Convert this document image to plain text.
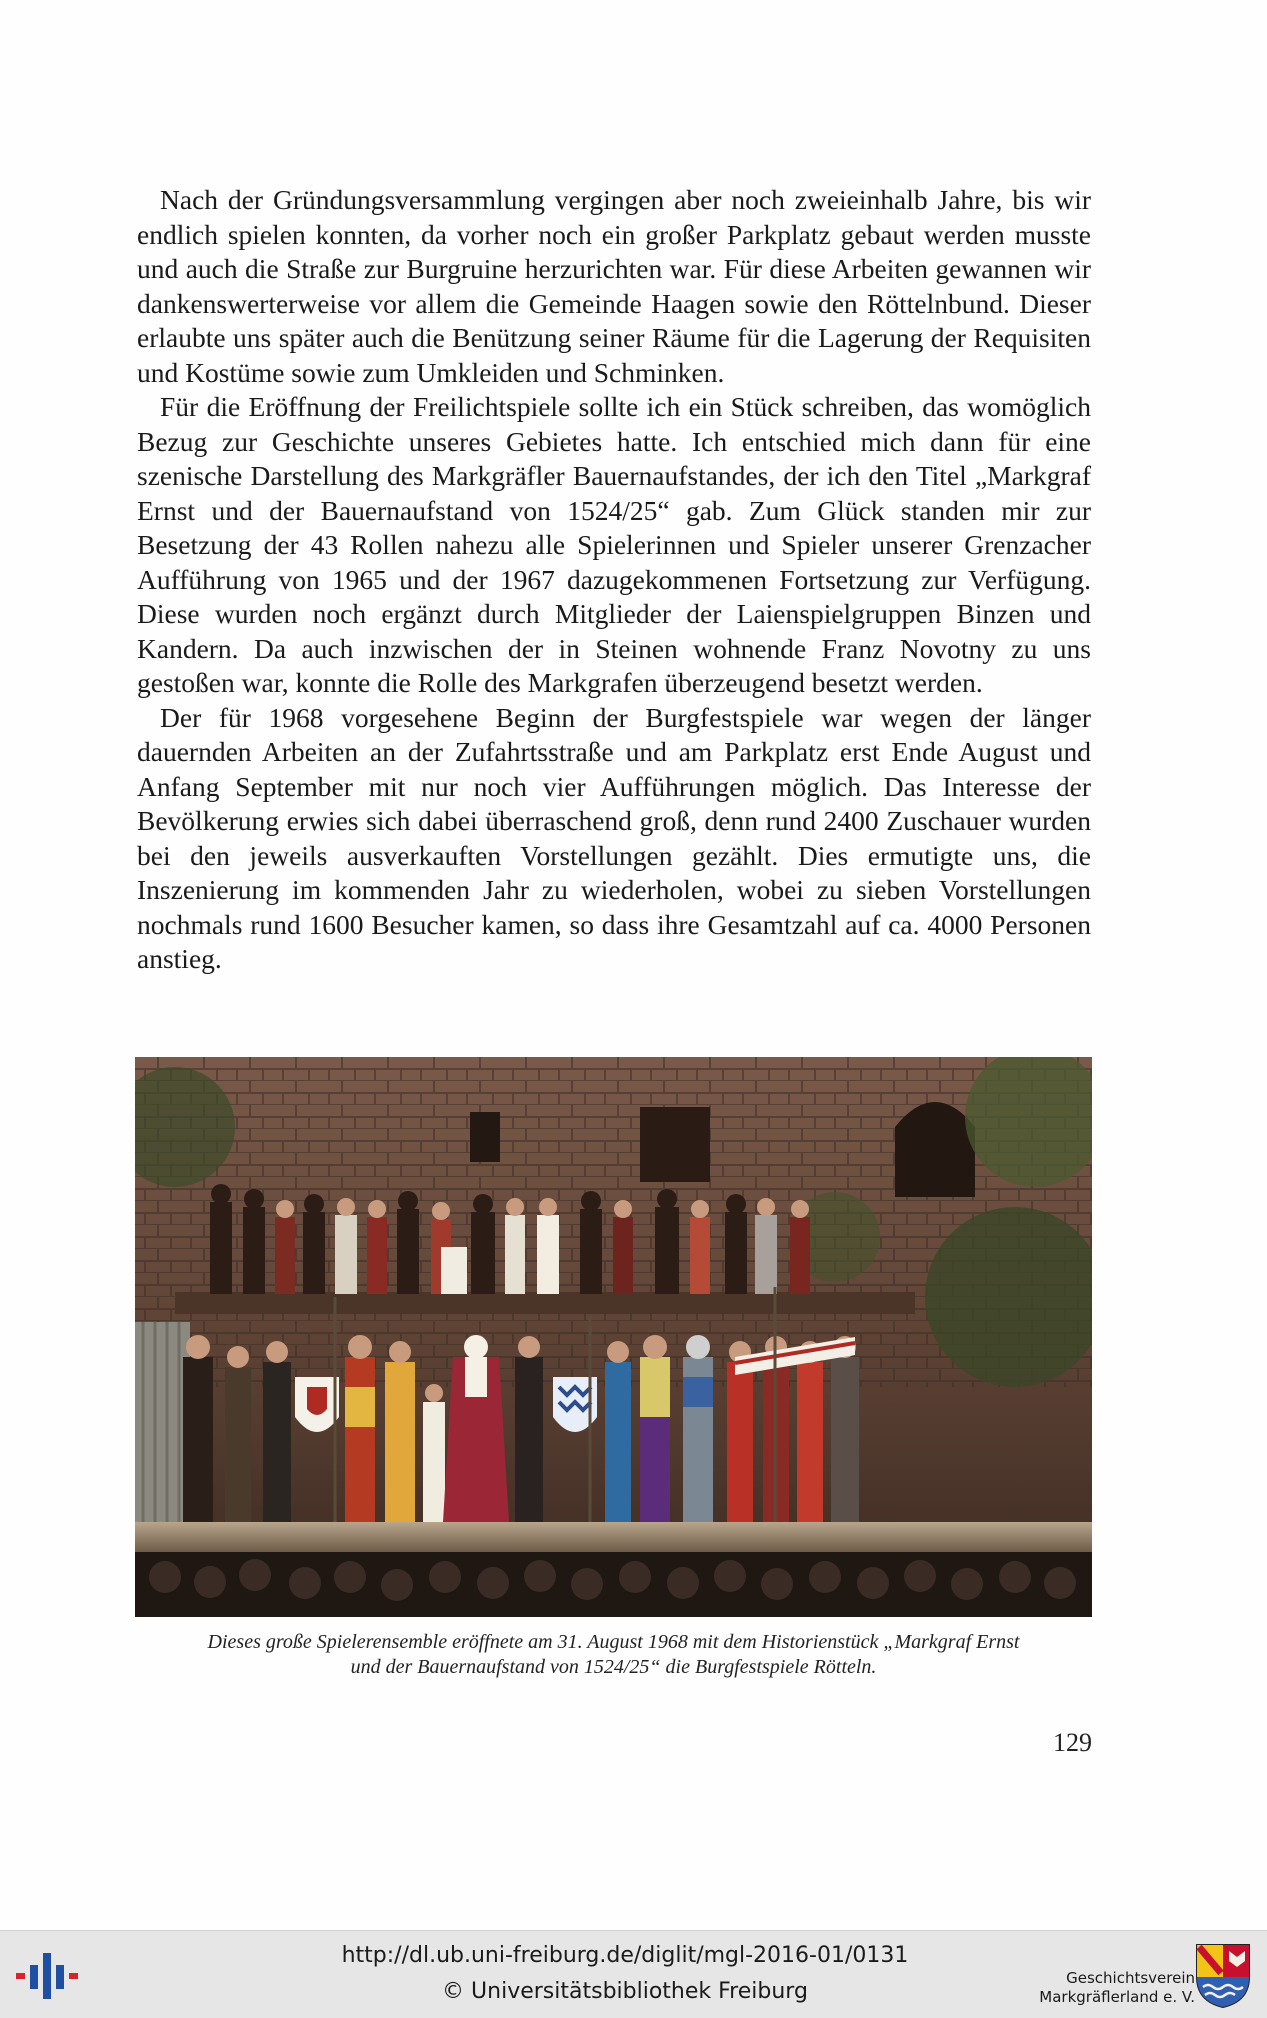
Nach der Gründungsversammlung vergingen aber noch zweieinhalb Jahre, bis wir endlich spielen konnten, da vorher noch ein großer Parkplatz gebaut werden musste und auch die Straße zur Burgruine herzurichten war. Für diese Arbeiten gewannen wir dankenswerterweise vor allem die Gemeinde Haagen sowie den Röttelnbund. Dieser erlaubte uns später auch die Benützung seiner Räume für die Lagerung der Requisiten und Kostüme sowie zum Umkleiden und Schminken.

Für die Eröffnung der Freilichtspiele sollte ich ein Stück schreiben, das womöglich Bezug zur Geschichte unseres Gebietes hatte. Ich entschied mich dann für eine szenische Darstellung des Markgräfler Bauernaufstandes, der ich den Titel „Markgraf Ernst und der Bauernaufstand von 1524/25“ gab. Zum Glück standen mir zur Besetzung der 43 Rollen nahezu alle Spielerinnen und Spieler unserer Grenzacher Aufführung von 1965 und der 1967 dazugekommenen Fortsetzung zur Verfügung. Diese wurden noch ergänzt durch Mitglieder der Laienspielgruppen Binzen und Kandern. Da auch inzwischen der in Steinen wohnende Franz Novotny zu uns gestoßen war, konnte die Rolle des Markgrafen überzeugend besetzt werden.

Der für 1968 vorgesehene Beginn der Burgfestspiele war wegen der länger dauernden Arbeiten an der Zufahrtsstraße und am Parkplatz erst Ende August und Anfang September mit nur noch vier Aufführungen möglich. Das Interesse der Bevölkerung erwies sich dabei überraschend groß, denn rund 2400 Zuschauer wurden bei den jeweils ausverkauften Vorstellungen gezählt. Dies ermutigte uns, die Inszenierung im kommenden Jahr zu wiederholen, wobei zu sieben Vorstellungen nochmals rund 1600 Besucher kamen, so dass ihre Gesamtzahl auf ca. 4000 Personen anstieg.

Dieses große Spielerensemble eröffnete am 31. August 1968 mit dem Historienstück „Markgraf Ernst
und der Bauernaufstand von 1524/25“ die Burgfestspiele Rötteln.
129
http://dl.ub.uni-freiburg.de/diglit/mgl-2016-01/0131
© Universitätsbibliothek Freiburg
Geschichtsverein
Markgräflerland e. V.
